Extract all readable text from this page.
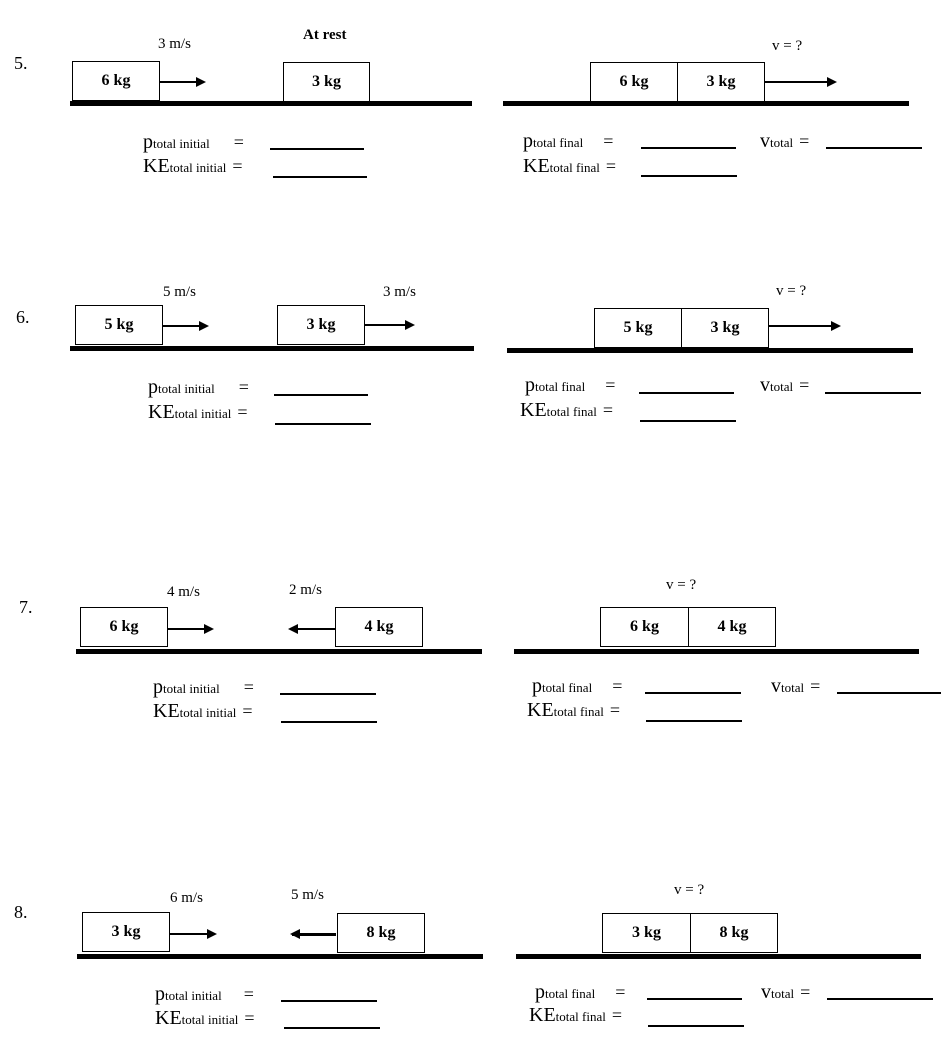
5.
3 m/s
At rest
6 kg	3 kg
v = ?
6 kg	3 kg
ptotal initial =
KEtotal initial =
ptotal final =	vtotal =
KEtotal final =
6.
5 m/s	3 m/s
5 kg	3 kg
v = ?
5 kg	3 kg
ptotal initial =
KEtotal initial =
ptotal final =	vtotal =
KEtotal final =
7.
4 m/s	2 m/s
6 kg	4 kg
v = ?
6 kg	4 kg
ptotal initial =
KEtotal initial =
ptotal final =	vtotal =
KEtotal final =
8.
6 m/s	5 m/s
3 kg	8 kg
v = ?
3 kg	8 kg
ptotal initial =
KEtotal initial =
ptotal final =	vtotal =
KEtotal final =
